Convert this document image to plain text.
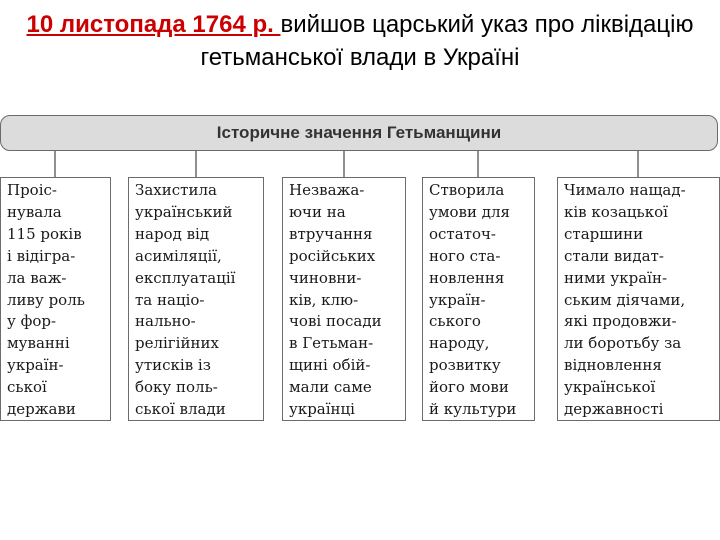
10 листопада 1764 р. вийшов царський указ про ліквідацію гетьманської влади в Україні
Історичне значення Гетьманщини
Проіс-
нувала
115 років
і відігра-
ла важ-
ливу роль
у фор-
муванні
україн-
ської
держави
Захистила
український
народ від
асиміляції,
експлуатації
та націо-
нально-
релігійних
утисків із
боку поль-
ської влади
Незважа-
ючи на
втручання
російських
чиновни-
ків, клю-
чові посади
в Гетьман-
щині обій-
мали саме
українці
Створила
умови для
остаточ-
ного ста-
новлення
україн-
ського
народу,
розвитку
його мови
й культури
Чимало нащад-
ків козацької
старшини
стали видат-
ними україн-
ським діячами,
які продовжи-
ли боротьбу за
відновлення
української
державності
